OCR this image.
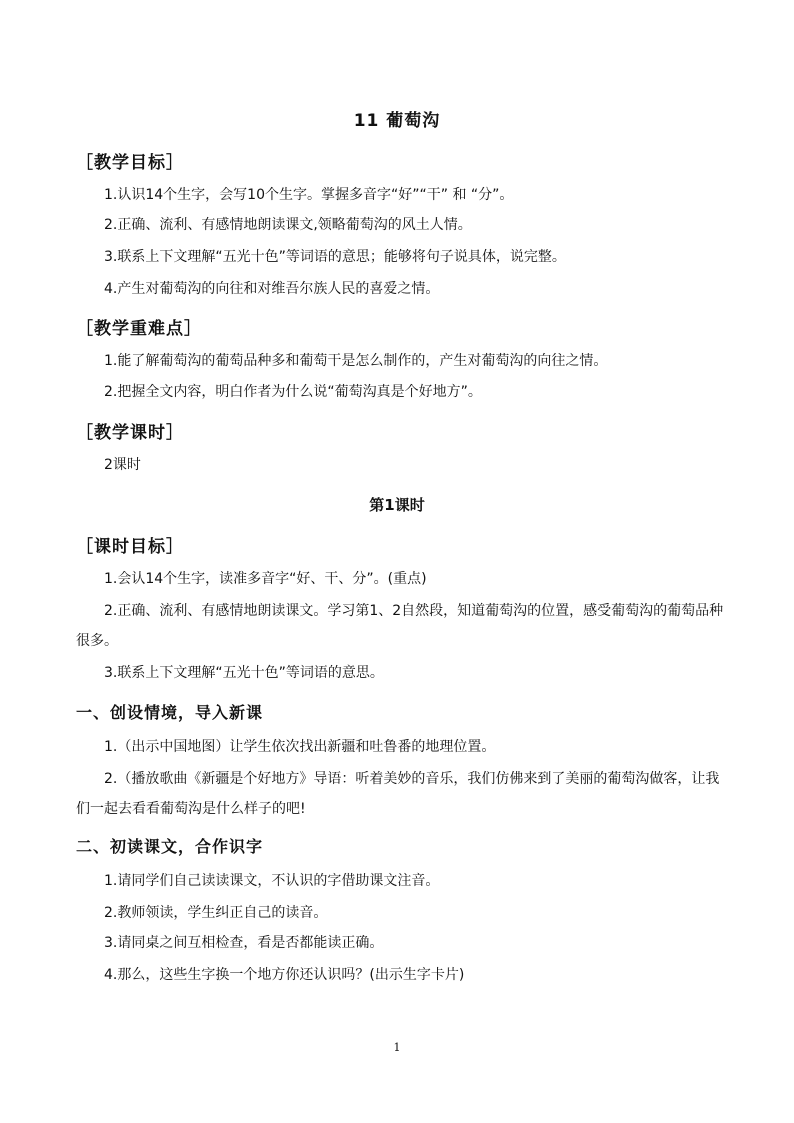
11 葡萄沟
［教学目标］
1.认识14个生字，会写10个生字。掌握多音字“好”“干” 和 “分”。
2.正确、流利、有感情地朗读课文,领略葡萄沟的风土人情。
3.联系上下文理解“五光十色”等词语的意思；能够将句子说具体，说完整。
4.产生对葡萄沟的向往和对维吾尔族人民的喜爱之情。
［教学重难点］
1.能了解葡萄沟的葡萄品种多和葡萄干是怎么制作的，产生对葡萄沟的向往之情。
2.把握全文内容，明白作者为什么说“葡萄沟真是个好地方”。
［教学课时］
2课时
第1课时
［课时目标］
1.会认14个生字，读准多音字“好、干、分”。(重点)
2.正确、流利、有感情地朗读课文。学习第1、2自然段，知道葡萄沟的位置，感受葡萄沟的葡萄品种很多。
3.联系上下文理解“五光十色”等词语的意思。
一、创设情境，导入新课
1.（出示中国地图）让学生依次找出新疆和吐鲁番的地理位置。
2.（播放歌曲《新疆是个好地方》导语：听着美妙的音乐，我们仿佛来到了美丽的葡萄沟做客，让我们一起去看看葡萄沟是什么样子的吧!
二、初读课文，合作识字
1.请同学们自己读读课文，不认识的字借助课文注音。
2.教师领读，学生纠正自己的读音。
3.请同桌之间互相检查，看是否都能读正确。
4.那么，这些生字换一个地方你还认识吗？(出示生字卡片)
1
